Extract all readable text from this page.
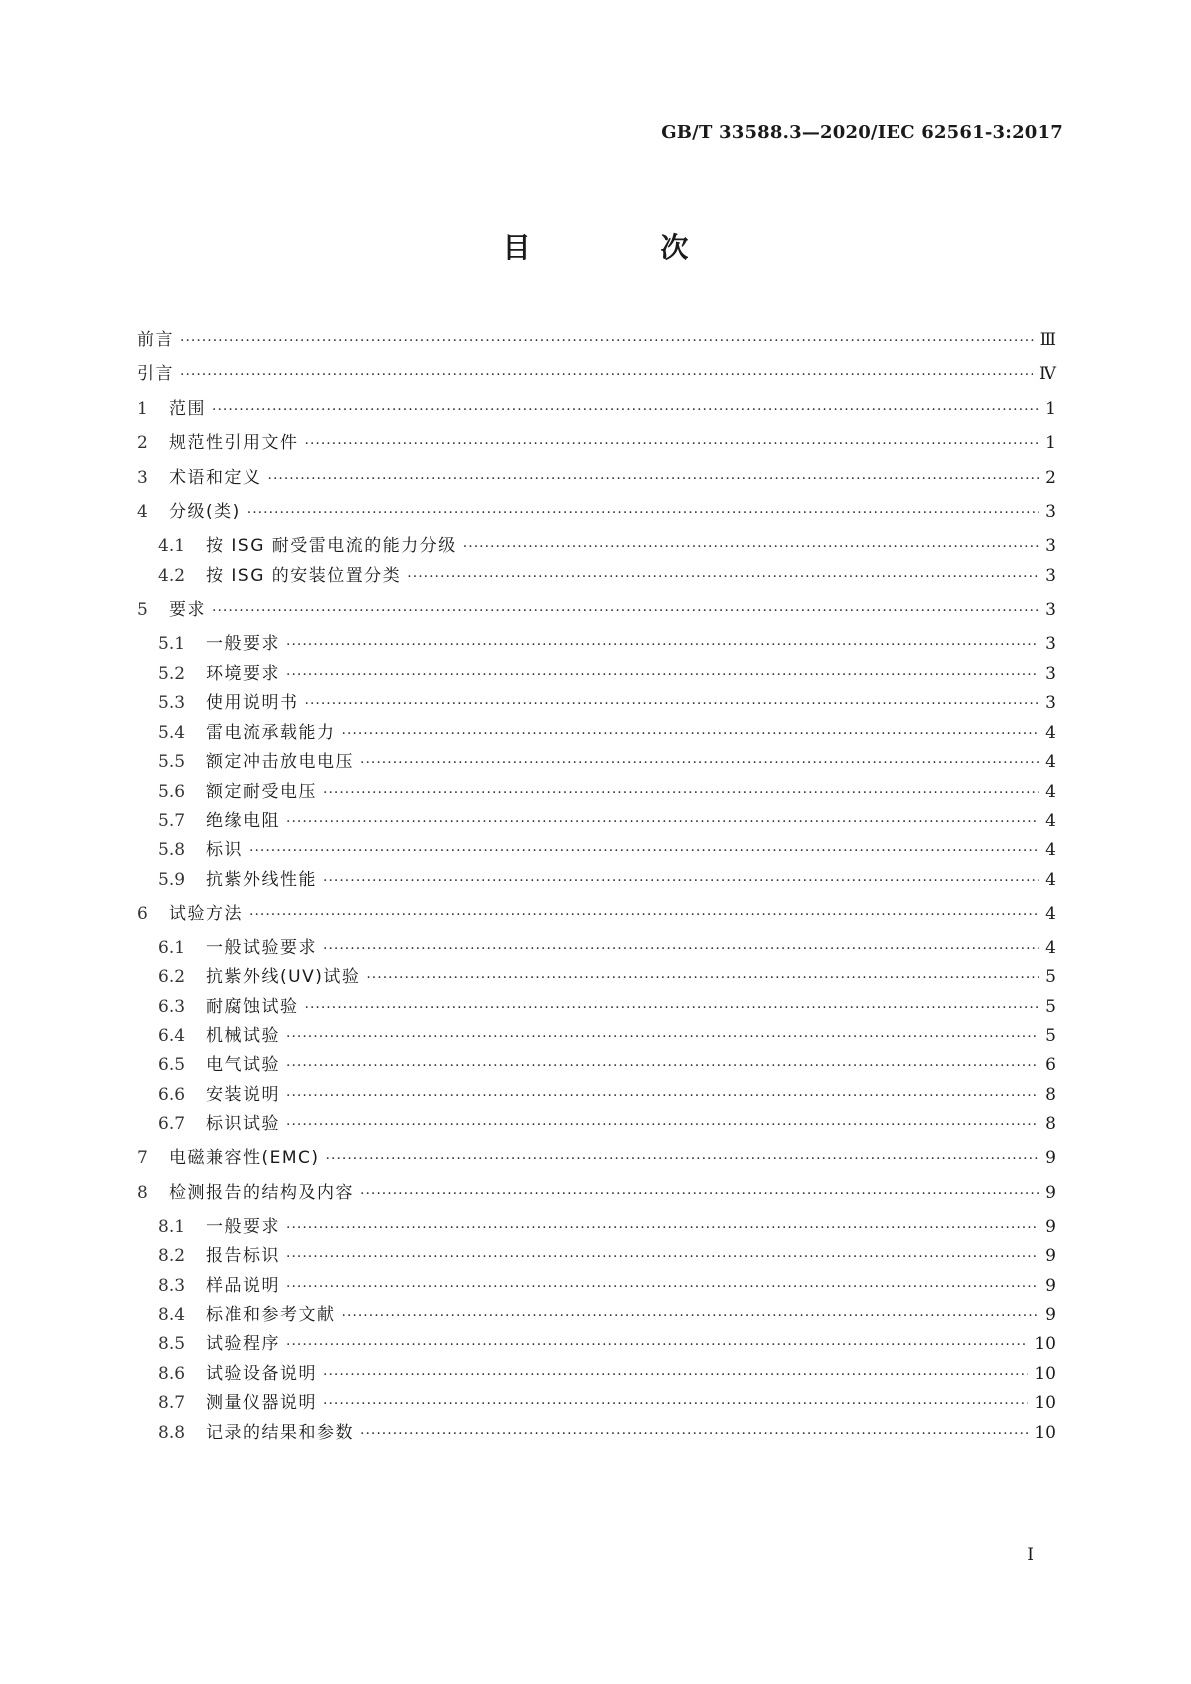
GB/T 33588.3—2020/IEC 62561-3:2017
目 次
前言 ·····	Ⅲ
引言 ·····	Ⅳ
1	范围 ·····	1
2	规范性引用文件 ·····	1
3	术语和定义 ·····	2
4	分级(类) ·····	3
4.1	按 ISG 耐受雷电流的能力分级 ·····	3
4.2	按 ISG 的安装位置分类 ·····	3
5	要求 ·····	3
5.1	一般要求 ·····	3
5.2	环境要求 ·····	3
5.3	使用说明书 ·····	3
5.4	雷电流承载能力 ·····	4
5.5	额定冲击放电电压 ·····	4
5.6	额定耐受电压 ·····	4
5.7	绝缘电阻 ·····	4
5.8	标识 ·····	4
5.9	抗紫外线性能 ·····	4
6	试验方法 ·····	4
6.1	一般试验要求 ·····	4
6.2	抗紫外线(UV)试验 ·····	5
6.3	耐腐蚀试验 ·····	5
6.4	机械试验 ·····	5
6.5	电气试验 ·····	6
6.6	安装说明 ·····	8
6.7	标识试验 ·····	8
7	电磁兼容性(EMC) ·····	9
8	检测报告的结构及内容 ·····	9
8.1	一般要求 ·····	9
8.2	报告标识 ·····	9
8.3	样品说明 ·····	9
8.4	标准和参考文献 ·····	9
8.5	试验程序 ·····	10
8.6	试验设备说明 ·····	10
8.7	测量仪器说明 ·····	10
8.8	记录的结果和参数 ·····	10
I
